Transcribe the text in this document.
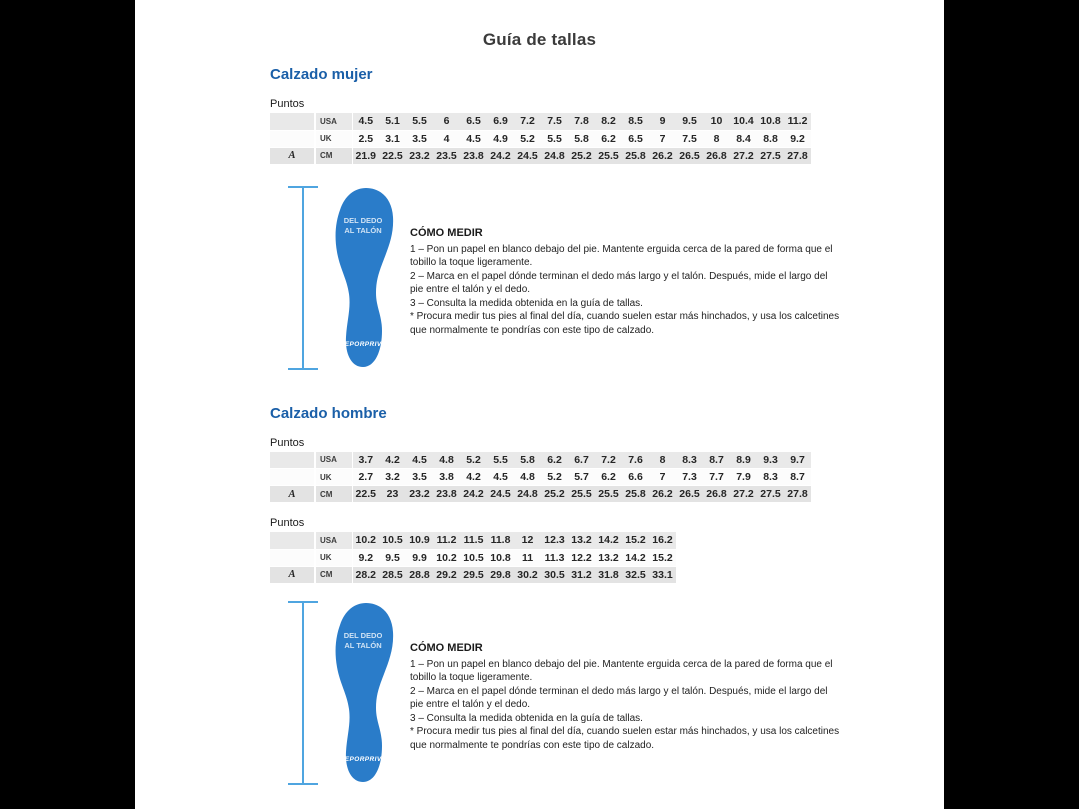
Guía de tallas
Calzado mujer
Puntos
	USA	4.5	5.1	5.5	6	6.5	6.9	7.2	7.5	7.8	8.2	8.5	9	9.5	10	10.4	10.8	11.2
	UK	2.5	3.1	3.5	4	4.5	4.9	5.2	5.5	5.8	6.2	6.5	7	7.5	8	8.4	8.8	9.2
A	CM	21.9	22.5	23.2	23.5	23.8	24.2	24.5	24.8	25.2	25.5	25.8	26.2	26.5	26.8	27.2	27.5	27.8
DEL DEDO
AL TALÓN
DEPORPRIVÉ
CÓMO MEDIR
1 – Pon un papel en blanco debajo del pie. Mantente erguida cerca de la pared de forma que el tobillo la toque ligeramente.
2 – Marca en el papel dónde terminan el dedo más largo y el talón. Después, mide el largo del pie entre el talón y el dedo.
3 – Consulta la medida obtenida en la guía de tallas.
* Procura medir tus pies al final del día, cuando suelen estar más hinchados, y usa los calcetines que normalmente te pondrías con este tipo de calzado.
Calzado hombre
Puntos
	USA	3.7	4.2	4.5	4.8	5.2	5.5	5.8	6.2	6.7	7.2	7.6	8	8.3	8.7	8.9	9.3	9.7
	UK	2.7	3.2	3.5	3.8	4.2	4.5	4.8	5.2	5.7	6.2	6.6	7	7.3	7.7	7.9	8.3	8.7
A	CM	22.5	23	23.2	23.8	24.2	24.5	24.8	25.2	25.5	25.5	25.8	26.2	26.5	26.8	27.2	27.5	27.8
Puntos
	USA	10.2	10.5	10.9	11.2	11.5	11.8	12	12.3	13.2	14.2	15.2	16.2
	UK	9.2	9.5	9.9	10.2	10.5	10.8	11	11.3	12.2	13.2	14.2	15.2
A	CM	28.2	28.5	28.8	29.2	29.5	29.8	30.2	30.5	31.2	31.8	32.5	33.1
DEL DEDO
AL TALÓN
DEPORPRIVÉ
CÓMO MEDIR
1 – Pon un papel en blanco debajo del pie. Mantente erguida cerca de la pared de forma que el tobillo la toque ligeramente.
2 – Marca en el papel dónde terminan el dedo más largo y el talón. Después, mide el largo del pie entre el talón y el dedo.
3 – Consulta la medida obtenida en la guía de tallas.
* Procura medir tus pies al final del día, cuando suelen estar más hinchados, y usa los calcetines que normalmente te pondrías con este tipo de calzado.
